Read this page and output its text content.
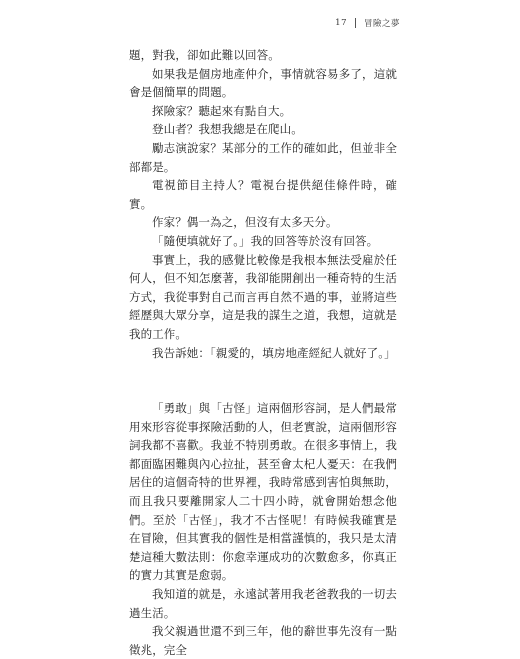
17 冒險之夢

題，對我，卻如此難以回答。

如果我是個房地產仲介，事情就容易多了，這就會是個簡單的問題。

探險家？聽起來有點自大。

登山者？我想我總是在爬山。

勵志演說家？某部分的工作的確如此，但並非全部都是。

電視節目主持人？電視台提供絕佳條件時，確實。

作家？偶一為之，但沒有太多天分。

「隨便填就好了。」我的回答等於沒有回答。

事實上，我的感覺比較像是我根本無法受雇於任何人，但不知怎麼著，我卻能開創出一種奇特的生活方式，我從事對自己而言再自然不過的事，並將這些經歷與大眾分享，這是我的謀生之道，我想，這就是我的工作。

我告訴她：「親愛的，填房地產經紀人就好了。」

「勇敢」與「古怪」這兩個形容詞，是人們最常用來形容從事探險活動的人，但老實說，這兩個形容詞我都不喜歡。我並不特別勇敢。在很多事情上，我都面臨困難與內心拉扯，甚至會太杞人憂天：在我們居住的這個奇特的世界裡，我時常感到害怕與無助，而且我只要離開家人二十四小時，就會開始想念他們。至於「古怪」，我才不古怪呢！有時候我確實是在冒險，但其實我的個性是相當謹慎的，我只是太清楚這種大數法則：你愈幸運成功的次數愈多，你真正的實力其實是愈弱。

我知道的就是，永遠試著用我老爸教我的一切去過生活。

我父親過世還不到三年，他的辭世事先沒有一點徵兆，完全
